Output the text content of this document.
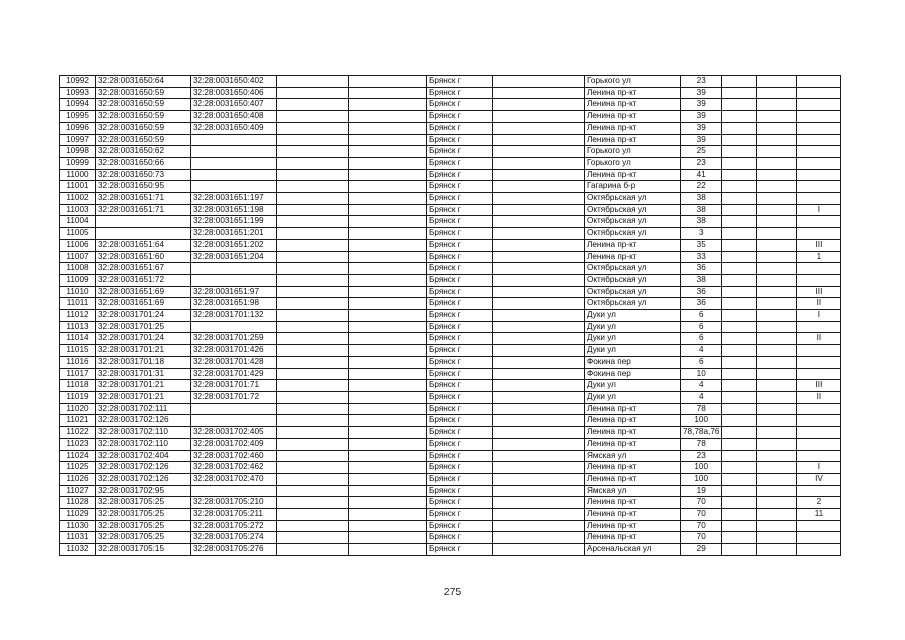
10992	32:28:0031650:64	32:28:0031650:402			Брянск г		Горького ул	23			
10993	32:28:0031650:59	32:28:0031650:406			Брянск г		Ленина пр-кт	39			
10994	32:28:0031650:59	32:28:0031650:407			Брянск г		Ленина пр-кт	39			
10995	32:28:0031650:59	32:28:0031650:408			Брянск г		Ленина пр-кт	39			
10996	32:28:0031650:59	32:28:0031650:409			Брянск г		Ленина пр-кт	39			
10997	32:28:0031650:59				Брянск г		Ленина пр-кт	39			
10998	32:28:0031650:62				Брянск г		Горького ул	25			
10999	32:28:0031650:66				Брянск г		Горького ул	23			
11000	32:28:0031650:73				Брянск г		Ленина пр-кт	41			
11001	32:28:0031650:95				Брянск г		Гагарина б-р	22			
11002	32:28:0031651:71	32:28:0031651:197			Брянск г		Октябрьская ул	38			
11003	32:28:0031651:71	32:28:0031651:198			Брянск г		Октябрьская ул	38			I
11004		32:28:0031651:199			Брянск г		Октябрьская ул	38			
11005		32:28:0031651:201			Брянск г		Октябрьская ул	3			
11006	32:28:0031651:64	32:28:0031651:202			Брянск г		Ленина пр-кт	35			III
11007	32:28:0031651:60	32:28:0031651:204			Брянск г		Ленина пр-кт	33			1
11008	32:28:0031651:67				Брянск г		Октябрьская ул	36			
11009	32:28:0031651:72				Брянск г		Октябрьская ул	38			
11010	32:28:0031651:69	32:28:0031651:97			Брянск г		Октябрьская ул	36			III
11011	32:28:0031651:69	32:28:0031651:98			Брянск г		Октябрьская ул	36			II
11012	32:28:0031701:24	32:28:0031701:132			Брянск г		Дуки ул	6			I
11013	32:28:0031701:25				Брянск г		Дуки ул	6			
11014	32:28:0031701:24	32:28:0031701:259			Брянск г		Дуки ул	6			II
11015	32:28:0031701:21	32:28:0031701:426			Брянск г		Дуки ул	4			
11016	32:28:0031701:18	32:28:0031701:428			Брянск г		Фокина пер	6			
11017	32:28:0031701:31	32:28:0031701:429			Брянск г		Фокина пер	10			
11018	32:28:0031701:21	32:28:0031701:71			Брянск г		Дуки ул	4			III
11019	32:28:0031701:21	32:28:0031701:72			Брянск г		Дуки ул	4			II
11020	32:28:0031702:111				Брянск г		Ленина пр-кт	78			
11021	32:28:0031702:126				Брянск г		Ленина пр-кт	100			
11022	32:28:0031702:110	32:28:0031702:405			Брянск г		Ленина пр-кт	78,78а,76			
11023	32:28:0031702:110	32:28:0031702:409			Брянск г		Ленина пр-кт	78			
11024	32:28:0031702:404	32:28:0031702:460			Брянск г		Ямская ул	23			
11025	32:28:0031702:126	32:28:0031702:462			Брянск г		Ленина пр-кт	100			I
11026	32:28:0031702:126	32:28:0031702:470			Брянск г		Ленина пр-кт	100			IV
11027	32:28:0031702:95				Брянск г		Ямская ул	19			
11028	32:28:0031705:25	32:28:0031705:210			Брянск г		Ленина пр-кт	70			2
11029	32:28:0031705:25	32:28:0031705:211			Брянск г		Ленина пр-кт	70			11
11030	32:28:0031705:25	32:28:0031705:272			Брянск г		Ленина пр-кт	70			
11031	32:28:0031705:25	32:28:0031705:274			Брянск г		Ленина пр-кт	70			
11032	32:28:0031705:15	32:28:0031705:276			Брянск г		Арсенальская ул	29			
275
